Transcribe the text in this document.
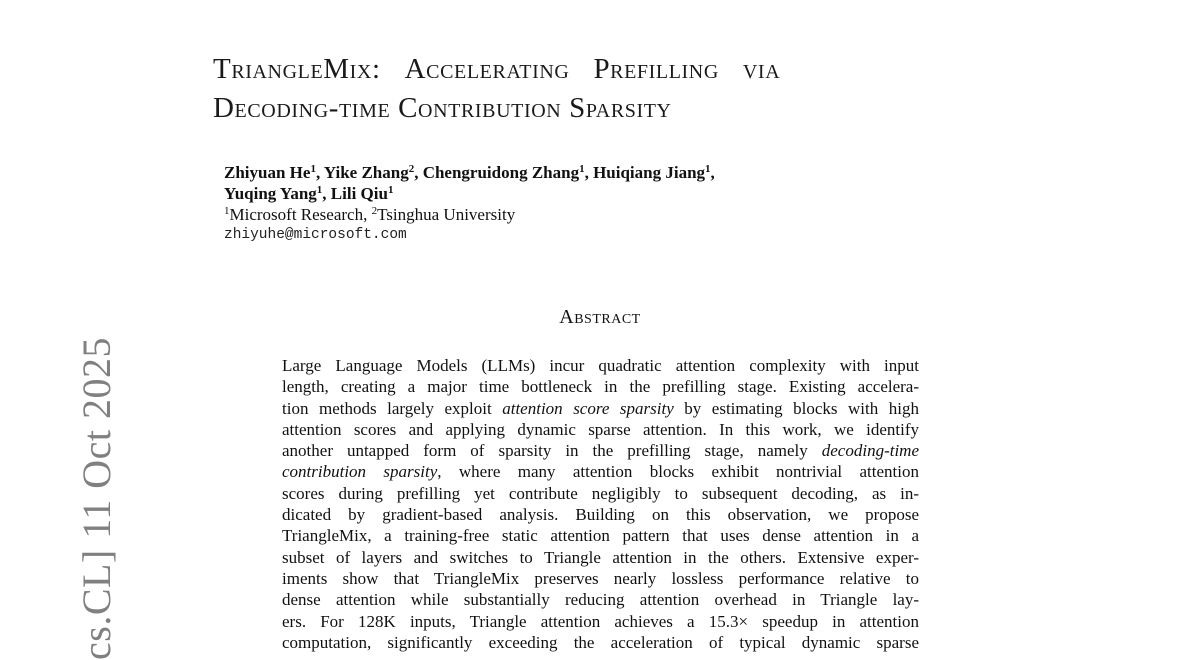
cs.CL] 11 Oct 2025
TriangleMix: Accelerating Prefilling via
Decoding-time Contribution Sparsity
Zhiyuan He$^1$, Yike Zhang$^2$, Chengruidong Zhang$^1$, Huiqiang Jiang$^1$,
Yuqing Yang$^1$, Lili Qiu$^1$
$^1$Microsoft Research, $^2$Tsinghua University
zhiyuhe@microsoft.com
Abstract
Large Language Models (LLMs) incur quadratic attention complexity with input
length, creating a major time bottleneck in the prefilling stage. Existing accelera-
tion methods largely exploit attention score sparsity by estimating blocks with high
attention scores and applying dynamic sparse attention. In this work, we identify
another untapped form of sparsity in the prefilling stage, namely decoding-time
contribution sparsity, where many attention blocks exhibit nontrivial attention
scores during prefilling yet contribute negligibly to subsequent decoding, as in-
dicated by gradient-based analysis. Building on this observation, we propose
TriangleMix, a training-free static attention pattern that uses dense attention in a
subset of layers and switches to Triangle attention in the others. Extensive exper-
iments show that TriangleMix preserves nearly lossless performance relative to
dense attention while substantially reducing attention overhead in Triangle lay-
ers. For 128K inputs, Triangle attention achieves a 15.3× speedup in attention
computation, significantly exceeding the acceleration of typical dynamic sparse
